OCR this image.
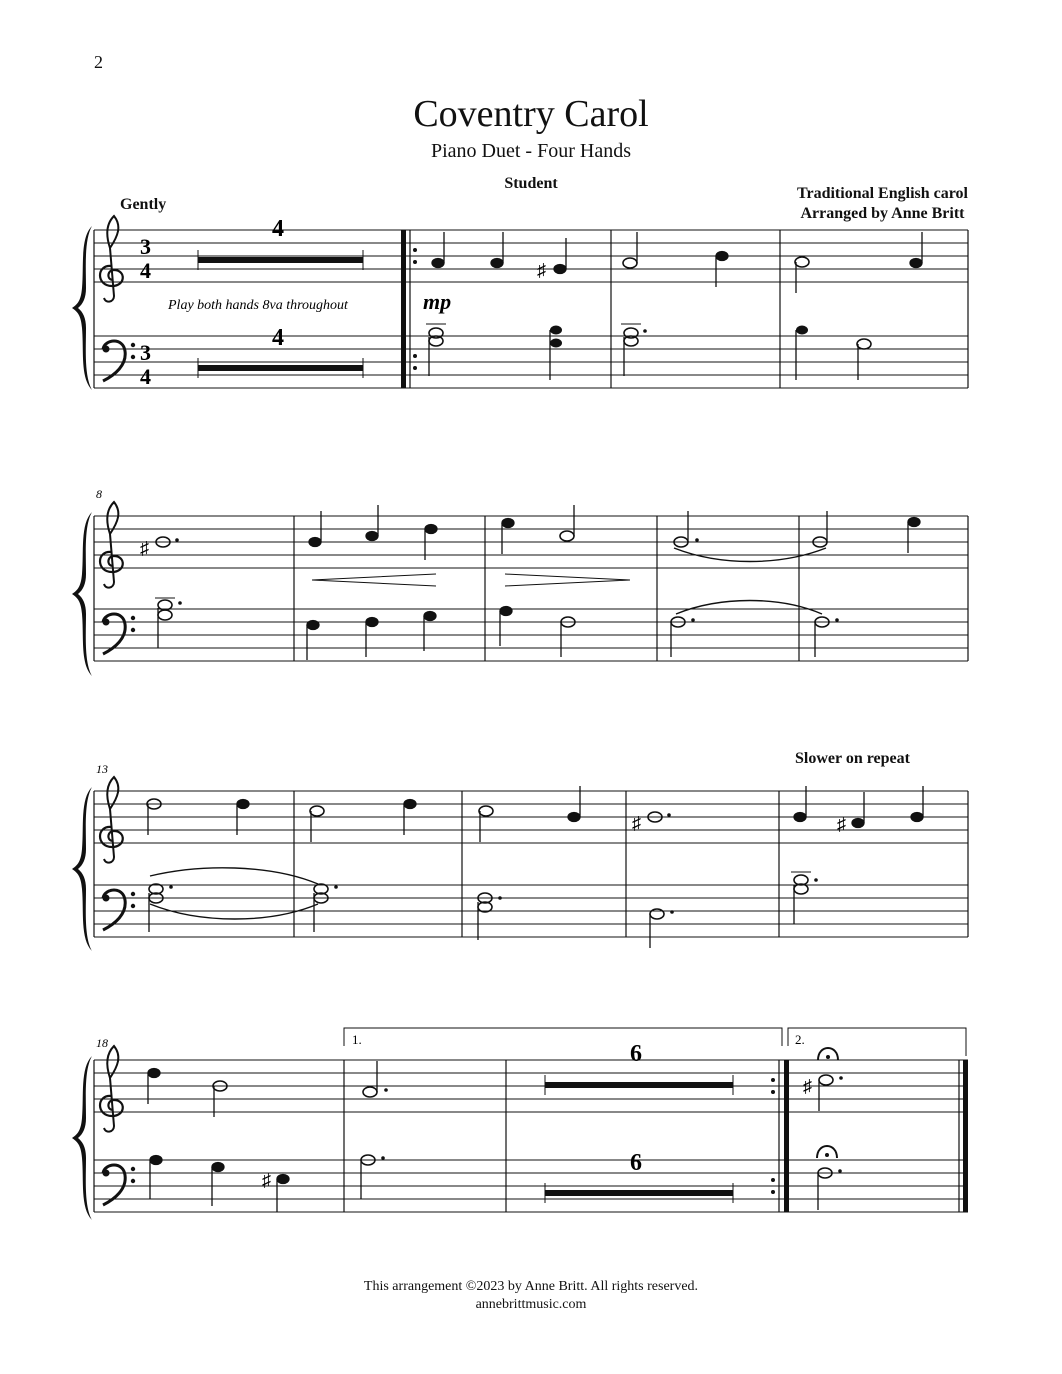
2
Coventry Carol
Piano Duet - Four Hands
Student
Gently
Traditional English carol
Arranged by Anne Britt
Slower on repeat
This arrangement ©2023 by Anne Britt. All rights reserved.
annebrittmusic.com
3
4
3
4
4
4
Play both hands 8va throughout	mp
♯
8
♯
13
♯	♯
18	1.	2.
6
6
♯
♯
